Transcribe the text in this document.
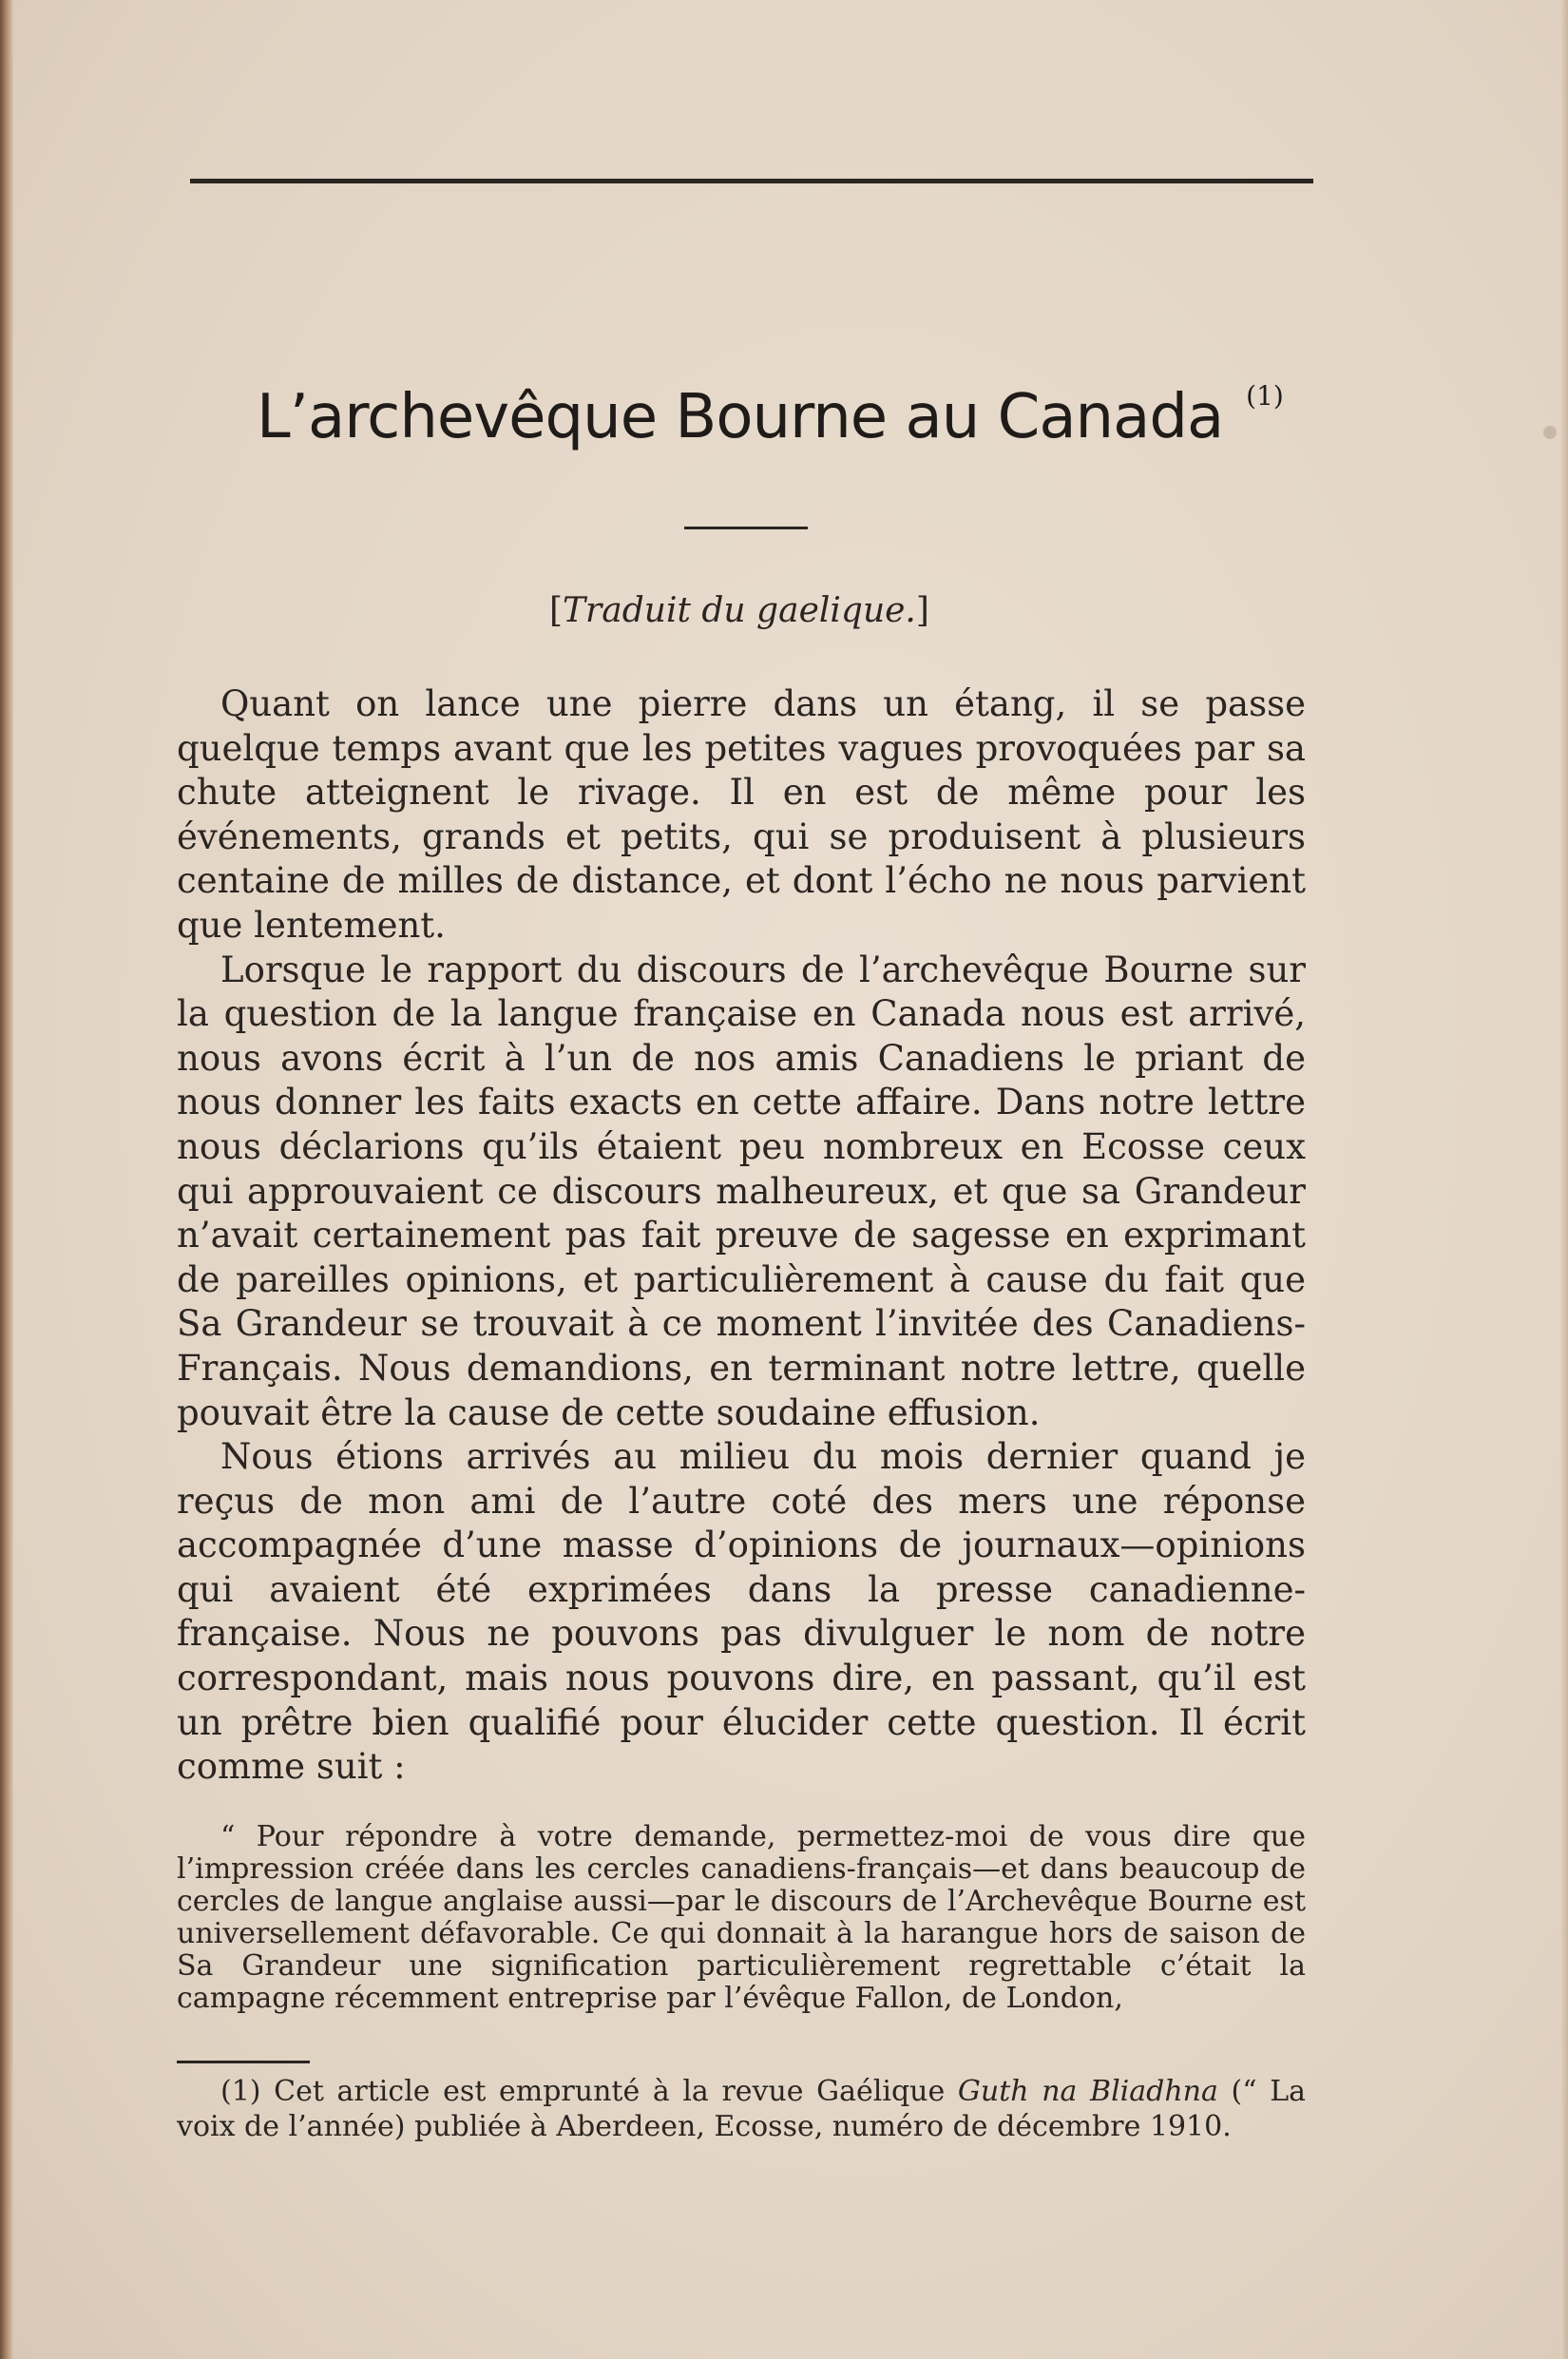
L’archevêque Bourne au Canada $^{(1)}$
[Traduit du gaelique.]

Quant on lance une pierre dans un étang, il se passe quelque temps avant que les petites vagues provoquées par sa chute atteignent le rivage. Il en est de même pour les événements, grands et petits, qui se produisent à plusieurs centaine de milles de distance, et dont l’écho ne nous parvient que lentement.

Lorsque le rapport du discours de l’archevêque Bourne sur la question de la langue française en Canada nous est arrivé, nous avons écrit à l’un de nos amis Canadiens le priant de nous donner les faits exacts en cette affaire. Dans notre lettre nous déclarions qu’ils étaient peu nombreux en Ecosse ceux qui approuvaient ce discours malheureux, et que sa Grandeur n’avait certainement pas fait preuve de sagesse en exprimant de pareilles opinions, et particulièrement à cause du fait que Sa Grandeur se trouvait à ce moment l’invitée des Canadiens-Français. Nous demandions, en terminant notre lettre, quelle pouvait être la cause de cette soudaine effusion.

Nous étions arrivés au milieu du mois dernier quand je reçus de mon ami de l’autre coté des mers une réponse accompagnée d’une masse d’opinions de journaux—opinions qui avaient été exprimées dans la presse canadienne-française. Nous ne pouvons pas divulguer le nom de notre correspondant, mais nous pouvons dire, en passant, qu’il est un prêtre bien qualifié pour élucider cette question. Il écrit comme suit :

“ Pour répondre à votre demande, permettez-moi de vous dire que l’impression créée dans les cercles canadiens-français—et dans beaucoup de cercles de langue anglaise aussi—par le discours de l’Archevêque Bourne est universellement défavorable. Ce qui donnait à la harangue hors de saison de Sa Grandeur une signification particulièrement regrettable c’était la campagne récemment entreprise par l’évêque Fallon, de London,

(1) Cet article est emprunté à la revue Gaélique Guth na Bliadhna (“ La voix de l’année) publiée à Aberdeen, Ecosse, numéro de décembre 1910.
